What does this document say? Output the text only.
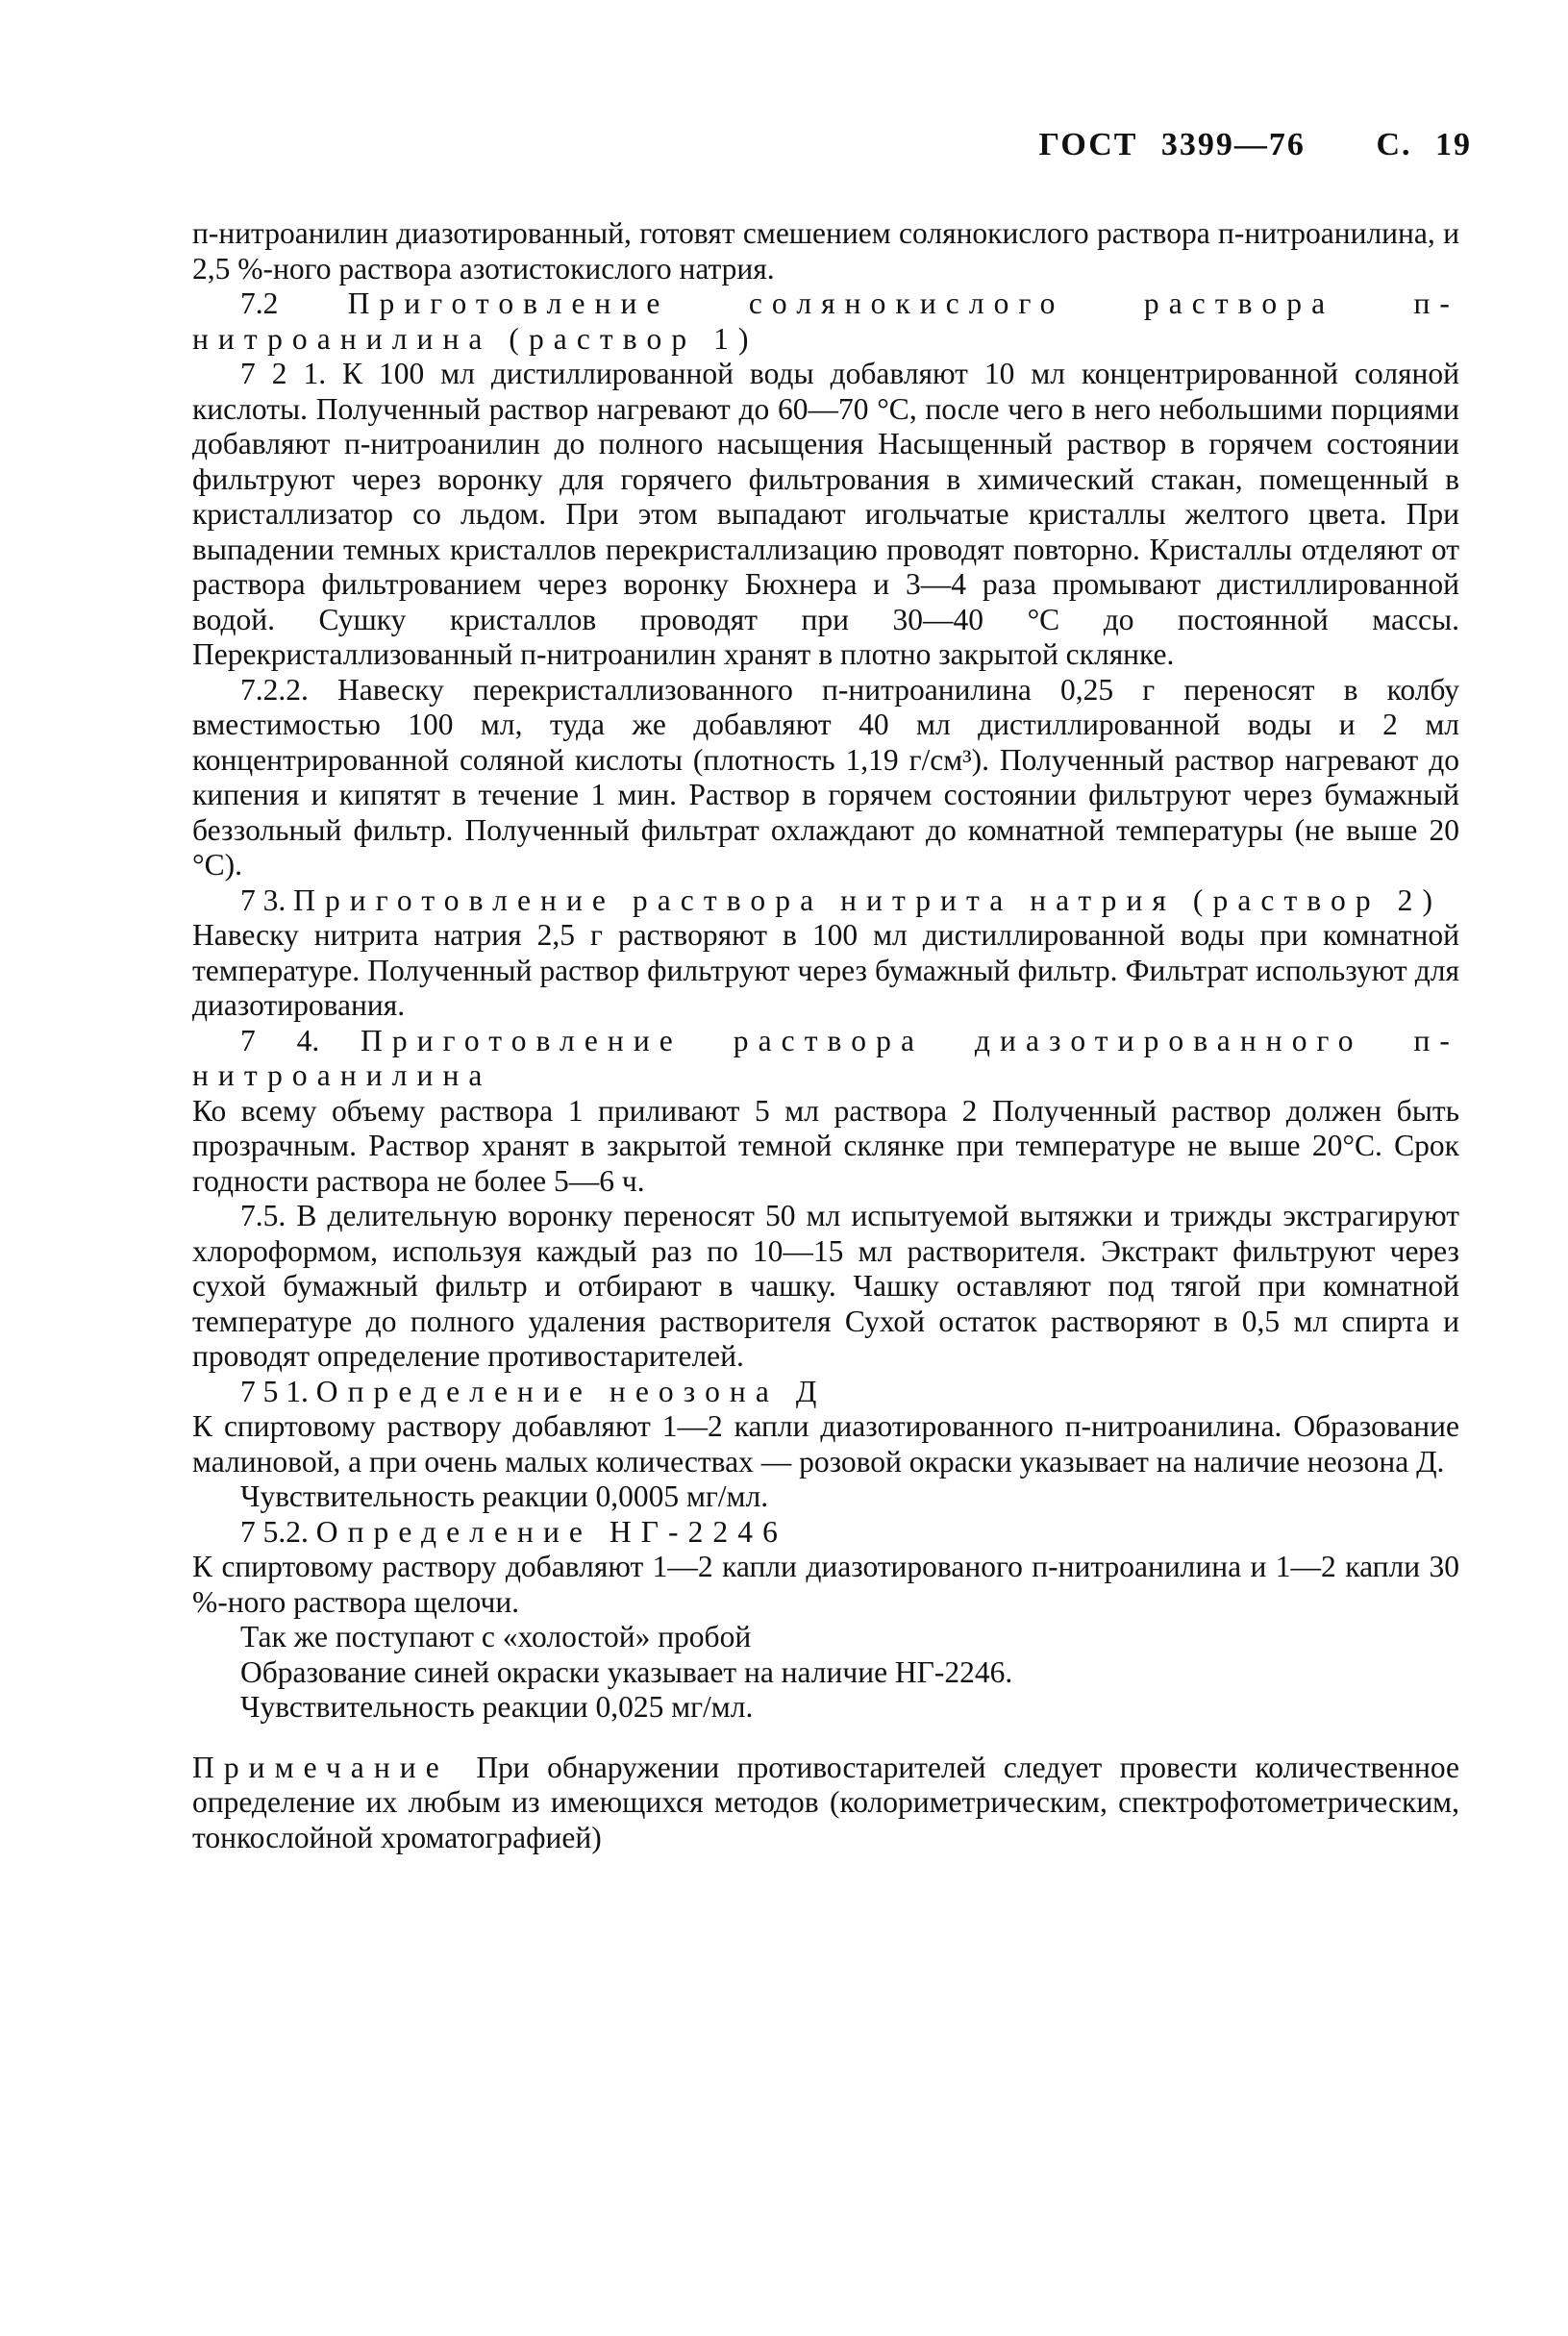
ГОСТ 3399—76 С. 19

п-нитроанилин диазотированный, готовят смешением солянокислого раствора п-нитроанилина, и 2,5 %-ного раствора азотистокислого натрия.

7.2 Приготовление солянокислого раствора п-нитроанилина (раствор 1)

7 2 1. К 100 мл дистиллированной воды добавляют 10 мл концентрированной соляной кислоты. Полученный раствор нагревают до 60—70 °С, после чего в него небольшими порциями добавляют п-нитроанилин до полного насыщения Насыщенный раствор в горячем состоянии фильтруют через воронку для горячего фильтрования в химический стакан, помещенный в кристаллизатор со льдом. При этом выпадают игольчатые кристаллы желтого цвета. При выпадении темных кристаллов перекристаллизацию проводят повторно. Кристаллы отделяют от раствора фильтрованием через воронку Бюхнера и 3—4 раза промывают дистиллированной водой. Сушку кристаллов проводят при 30—40 °С до постоянной массы. Перекристаллизованный п-нитроанилин хранят в плотно закрытой склянке.

7.2.2. Навеску перекристаллизованного п-нитроанилина 0,25 г переносят в колбу вместимостью 100 мл, туда же добавляют 40 мл дистиллированной воды и 2 мл концентрированной соляной кислоты (плотность 1,19 г/см³). Полученный раствор нагревают до кипения и кипятят в течение 1 мин. Раствор в горячем состоянии фильтруют через бумажный беззольный фильтр. Полученный фильтрат охлаждают до комнатной температуры (не выше 20 °С).

7 3. Приготовление раствора нитрита натрия (раствор 2)

Навеску нитрита натрия 2,5 г растворяют в 100 мл дистиллированной воды при комнатной температуре. Полученный раствор фильтруют через бумажный фильтр. Фильтрат используют для диазотирования.

7 4. Приготовление раствора диазотированного п-нитроанилина

Ко всему объему раствора 1 приливают 5 мл раствора 2 Полученный раствор должен быть прозрачным. Раствор хранят в закрытой темной склянке при температуре не выше 20°С. Срок годности раствора не более 5—6 ч.

7.5. В делительную воронку переносят 50 мл испытуемой вытяжки и трижды экстрагируют хлороформом, используя каждый раз по 10—15 мл растворителя. Экстракт фильтруют через сухой бумажный фильтр и отбирают в чашку. Чашку оставляют под тягой при комнатной температуре до полного удаления растворителя Сухой остаток растворяют в 0,5 мл спирта и проводят определение противостарителей.

7 5 1. Определение неозона Д

К спиртовому раствору добавляют 1—2 капли диазотированного п-нитроанилина. Образование малиновой, а при очень малых количествах — розовой окраски указывает на наличие неозона Д.

Чувствительность реакции 0,0005 мг/мл.

7 5.2. Определение НГ-2246

К спиртовому раствору добавляют 1—2 капли диазотированого п-нитроанилина и 1—2 капли 30 %-ного раствора щелочи.

Так же поступают с «холостой» пробой

Образование синей окраски указывает на наличие НГ-2246.

Чувствительность реакции 0,025 мг/мл.

Примечание При обнаружении противостарителей следует провести количественное определение их любым из имеющихся методов (колориметрическим, спектрофотометрическим, тонкослойной хроматографией)
